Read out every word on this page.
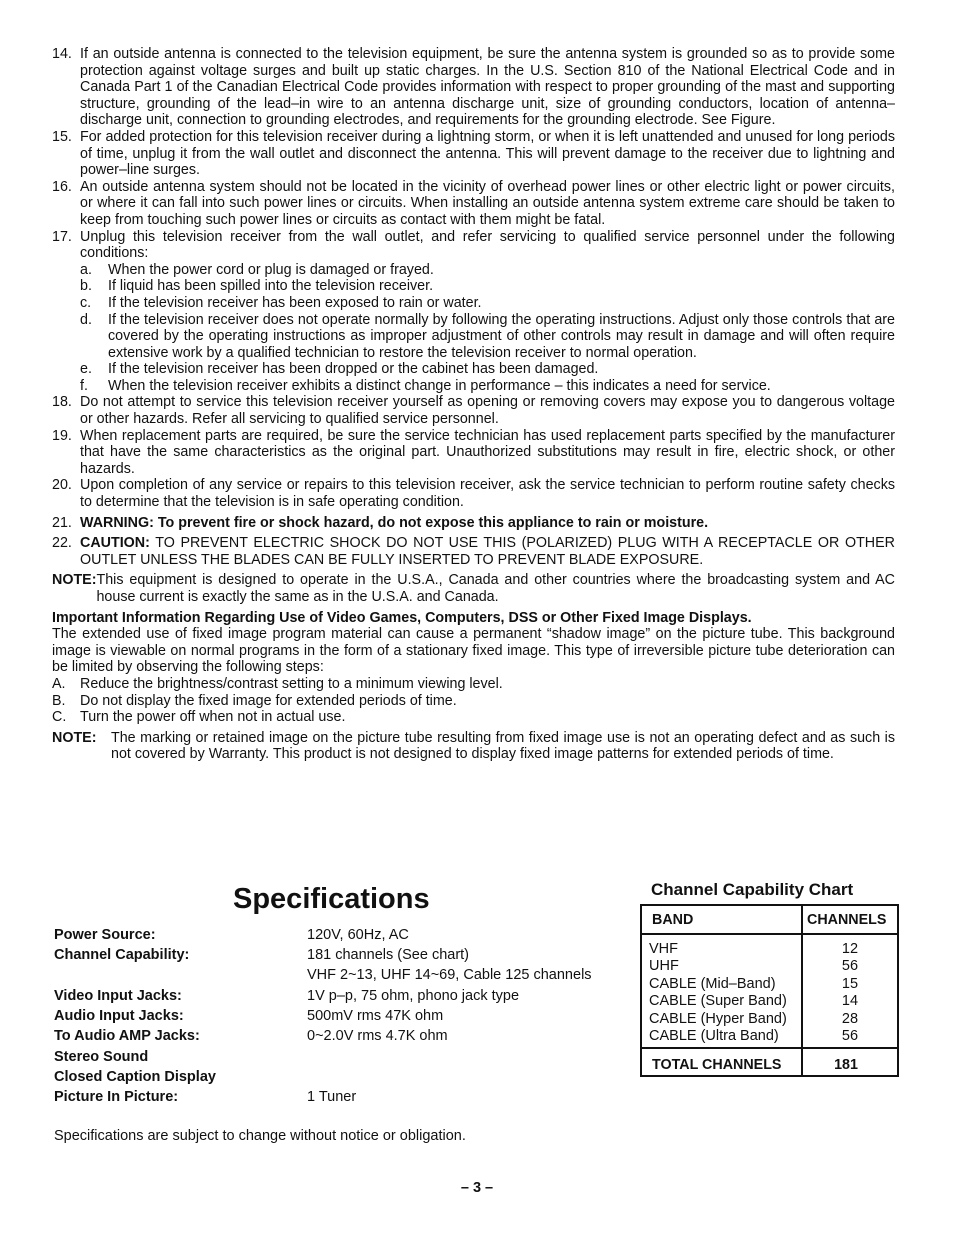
14. If an outside antenna is connected to the television equipment, be sure the antenna system is grounded so as to provide some protection against voltage surges and built up static charges. In the U.S. Section 810 of the National Electrical Code and in Canada Part 1 of the Canadian Electrical Code provides information with respect to proper grounding of the mast and supporting structure, grounding of the lead–in wire to an antenna discharge unit, size of grounding conductors, location of antenna–discharge unit, connection to grounding electrodes, and requirements for the grounding electrode. See Figure.
15. For added protection for this television receiver during a lightning storm, or when it is left unattended and unused for long periods of time, unplug it from the wall outlet and disconnect the antenna. This will prevent damage to the receiver due to lightning and power–line surges.
16. An outside antenna system should not be located in the vicinity of overhead power lines or other electric light or power circuits, or where it can fall into such power lines or circuits. When installing an outside antenna system extreme care should be taken to keep from touching such power lines or circuits as contact with them might be fatal.
17. Unplug this television receiver from the wall outlet, and refer servicing to qualified service personnel under the following conditions:
a.	When the power cord or plug is damaged or frayed.
b.	If liquid has been spilled into the television receiver.
c.	If the television receiver has been exposed to rain or water.
d.	If the television receiver does not operate normally by following the operating instructions. Adjust only those controls that are covered by the operating instructions as improper adjustment of other controls may result in damage and will often require extensive work by a qualified technician to restore the television receiver to normal operation.
e.	If the television receiver has been dropped or the cabinet has been damaged.
f.	When the television receiver exhibits a distinct change in performance – this indicates a need for service.
18. Do not attempt to service this television receiver yourself as opening or removing covers may expose you to dangerous voltage or other hazards. Refer all servicing to qualified service personnel.
19. When replacement parts are required, be sure the service technician has used replacement parts specified by the manufacturer that have the same characteristics as the original part. Unauthorized substitutions may result in fire, electric shock, or other hazards.
20. Upon completion of any service or repairs to this television receiver, ask the service technician to perform routine safety checks to determine that the television is in safe operating condition.
21. WARNING: To prevent fire or shock hazard, do not expose this appliance to rain or moisture.
22. CAUTION: TO PREVENT ELECTRIC SHOCK DO NOT USE THIS (POLARIZED) PLUG WITH A RECEPTACLE OR OTHER OUTLET UNLESS THE BLADES CAN BE FULLY INSERTED TO PREVENT BLADE EXPOSURE.
NOTE: This equipment is designed to operate in the U.S.A., Canada and other countries where the broadcasting system and AC house current is exactly the same as in the U.S.A. and Canada.
Important Information Regarding Use of Video Games, Computers, DSS or Other Fixed Image Displays.
The extended use of fixed image program material can cause a permanent “shadow image” on the picture tube. This background image is viewable on normal programs in the form of a stationary fixed image. This type of irreversible picture tube deterioration can be limited by observing the following steps:
A.	Reduce the brightness/contrast setting to a minimum viewing level.
B.	Do not display the fixed image for extended periods of time.
C. Turn the power off when not in actual use.
NOTE:	The marking or retained image on the picture tube resulting from fixed image use is not an operating defect and as such is not covered by Warranty. This product is not designed to display fixed image patterns for extended periods of time.
Specifications
Power Source:	120V, 60Hz, AC
Channel Capability:	181 channels (See chart)
VHF 2~13, UHF 14~69, Cable 125 channels
Video Input Jacks:	1V p–p, 75 ohm, phono jack type
Audio Input Jacks:	500mV rms 47K ohm
To Audio AMP Jacks:	0~2.0V rms 4.7K ohm
Stereo Sound
Closed Caption Display
Picture In Picture:	1 Tuner
Specifications are subject to change without notice or obligation.
Channel Capability Chart
BAND	CHANNELS
VHF	12
UHF	56
CABLE (Mid–Band)	15
CABLE (Super Band)	14
CABLE (Hyper Band)	28
CABLE (Ultra Band)	56
TOTAL CHANNELS	181
– 3 –
